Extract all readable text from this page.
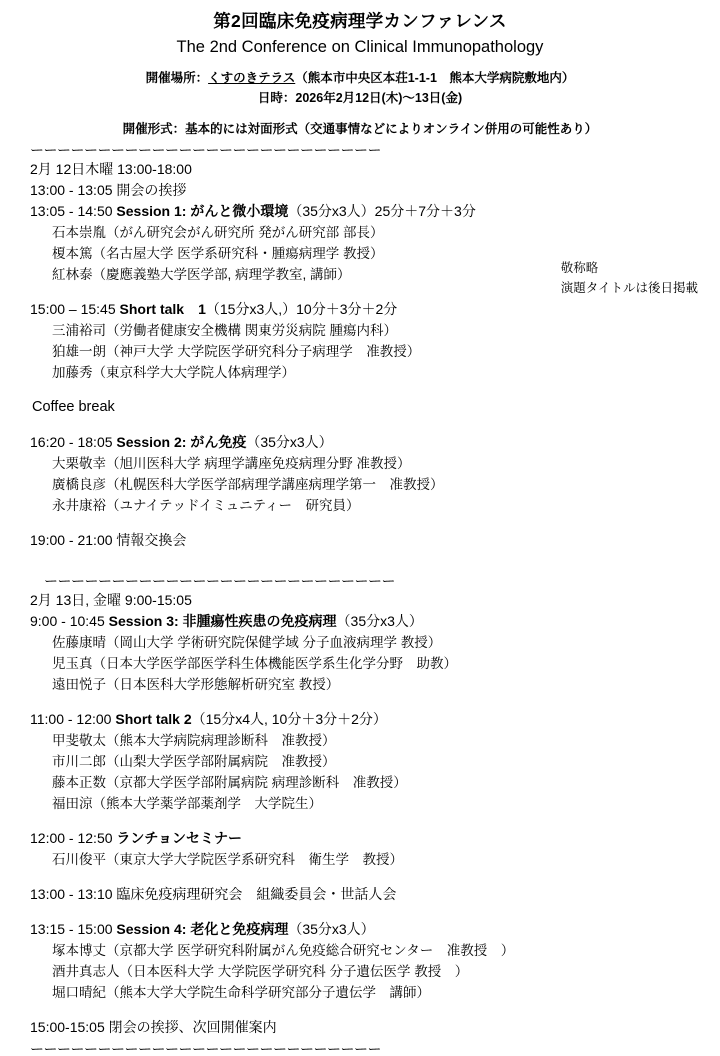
第2回臨床免疫病理学カンファレンス
The 2nd Conference on Clinical Immunopathology
開催場所：くすのきテラス（熊本市中央区本荘1-1-1　熊本大学病院敷地内）
日時：2026年2月12日(木)〜13日(金)
開催形式：基本的には対面形式（交通事情などによりオンライン併用の可能性あり）
敬称略
演題タイトルは後日掲載
ーーーーーーーーーーーーーーーーーーーーーーーーーー
2月 12日木曜 13:00-18:00
13:00 - 13:05 開会の挨拶
13:05 - 14:50 Session 1: がんと微小環境（35分x3人）25分＋7分＋3分
石本崇胤（がん研究会がん研究所 発がん研究部 部長）
榎本篤（名古屋大学 医学系研究科・腫瘍病理学 教授）
紅林泰（慶應義塾大学医学部, 病理学教室, 講師）
15:00 – 15:45 Short talk　1（15分x3人,）10分＋3分＋2分
三浦裕司（労働者健康安全機構 関東労災病院 腫瘍内科）
狛雄一朗（神戸大学 大学院医学研究科分子病理学　准教授）
加藤秀（東京科学大大学院人体病理学）
Coffee break
16:20 - 18:05 Session 2: がん免疫（35分x3人）
大栗敬幸（旭川医科大学 病理学講座免疫病理分野 准教授）
廣橋良彦（札幌医科大学医学部病理学講座病理学第一　准教授）
永井康裕（ユナイテッドイミュニティー　研究員）
19:00 - 21:00 情報交換会
ーーーーーーーーーーーーーーーーーーーーーーーーーー
2月 13日, 金曜 9:00-15:05
9:00 - 10:45 Session 3: 非腫瘍性疾患の免疫病理（35分x3人）
佐藤康晴（岡山大学 学術研究院保健学域 分子血液病理学 教授）
児玉真（日本大学医学部医学科生体機能医学系生化学分野　助教）
遠田悦子（日本医科大学形態解析研究室 教授）
11:00 - 12:00 Short talk 2（15分x4人, 10分＋3分＋2分）
甲斐敬太（熊本大学病院病理診断科　准教授）
市川二郎（山梨大学医学部附属病院　准教授）
藤本正数（京都大学医学部附属病院 病理診断科　准教授）
福田涼（熊本大学薬学部薬剤学　大学院生）
12:00 - 12:50 ランチョンセミナー
石川俊平（東京大学大学院医学系研究科　衛生学　教授）
13:00 - 13:10 臨床免疫病理研究会　組織委員会・世話人会
13:15 - 15:00 Session 4: 老化と免疫病理（35分x3人）
塚本博丈（京都大学 医学研究科附属がん免疫総合研究センター　准教授　）
酒井真志人（日本医科大学 大学院医学研究科 分子遺伝医学 教授　）
堀口晴紀（熊本大学大学院生命科学研究部分子遺伝学　講師）
15:00-15:05 閉会の挨拶、次回開催案内
ーーーーーーーーーーーーーーーーーーーーーーーーーー
